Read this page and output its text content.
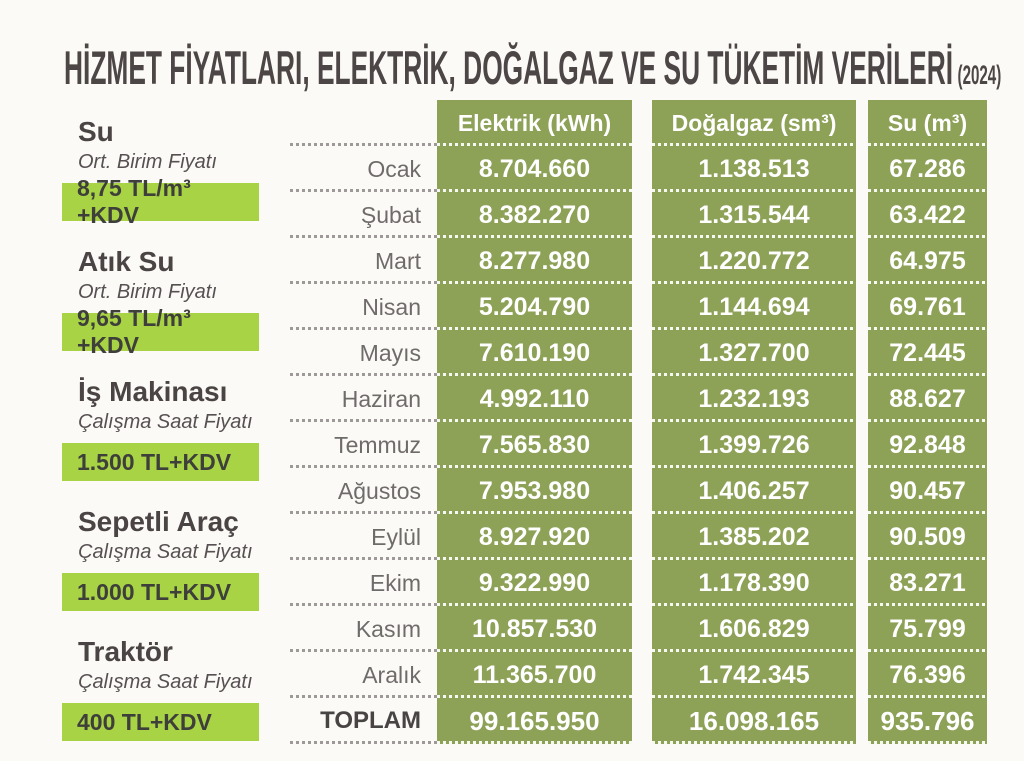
HİZMET FİYATLARI, ELEKTRİK, DOĞALGAZ VE SU TÜKETİM VERİLERİ (2024)
Su
Ort. Birim Fiyatı
8,75 TL/m³ +KDV
Atık Su
Ort. Birim Fiyatı
9,65 TL/m³ +KDV
İş Makinası
Çalışma Saat Fiyatı
1.500 TL+KDV
Sepetli Araç
Çalışma Saat Fiyatı
1.000 TL+KDV
Traktör
Çalışma Saat Fiyatı
400 TL+KDV
Elektrik (kWh)	Doğalgaz (sm³)	Su (m³)
Ocak	8.704.660	1.138.513	67.286
Şubat	8.382.270	1.315.544	63.422
Mart	8.277.980	1.220.772	64.975
Nisan	5.204.790	1.144.694	69.761
Mayıs	7.610.190	1.327.700	72.445
Haziran	4.992.110	1.232.193	88.627
Temmuz	7.565.830	1.399.726	92.848
Ağustos	7.953.980	1.406.257	90.457
Eylül	8.927.920	1.385.202	90.509
Ekim	9.322.990	1.178.390	83.271
Kasım	10.857.530	1.606.829	75.799
Aralık	11.365.700	1.742.345	76.396
TOPLAM	99.165.950	16.098.165	935.796
